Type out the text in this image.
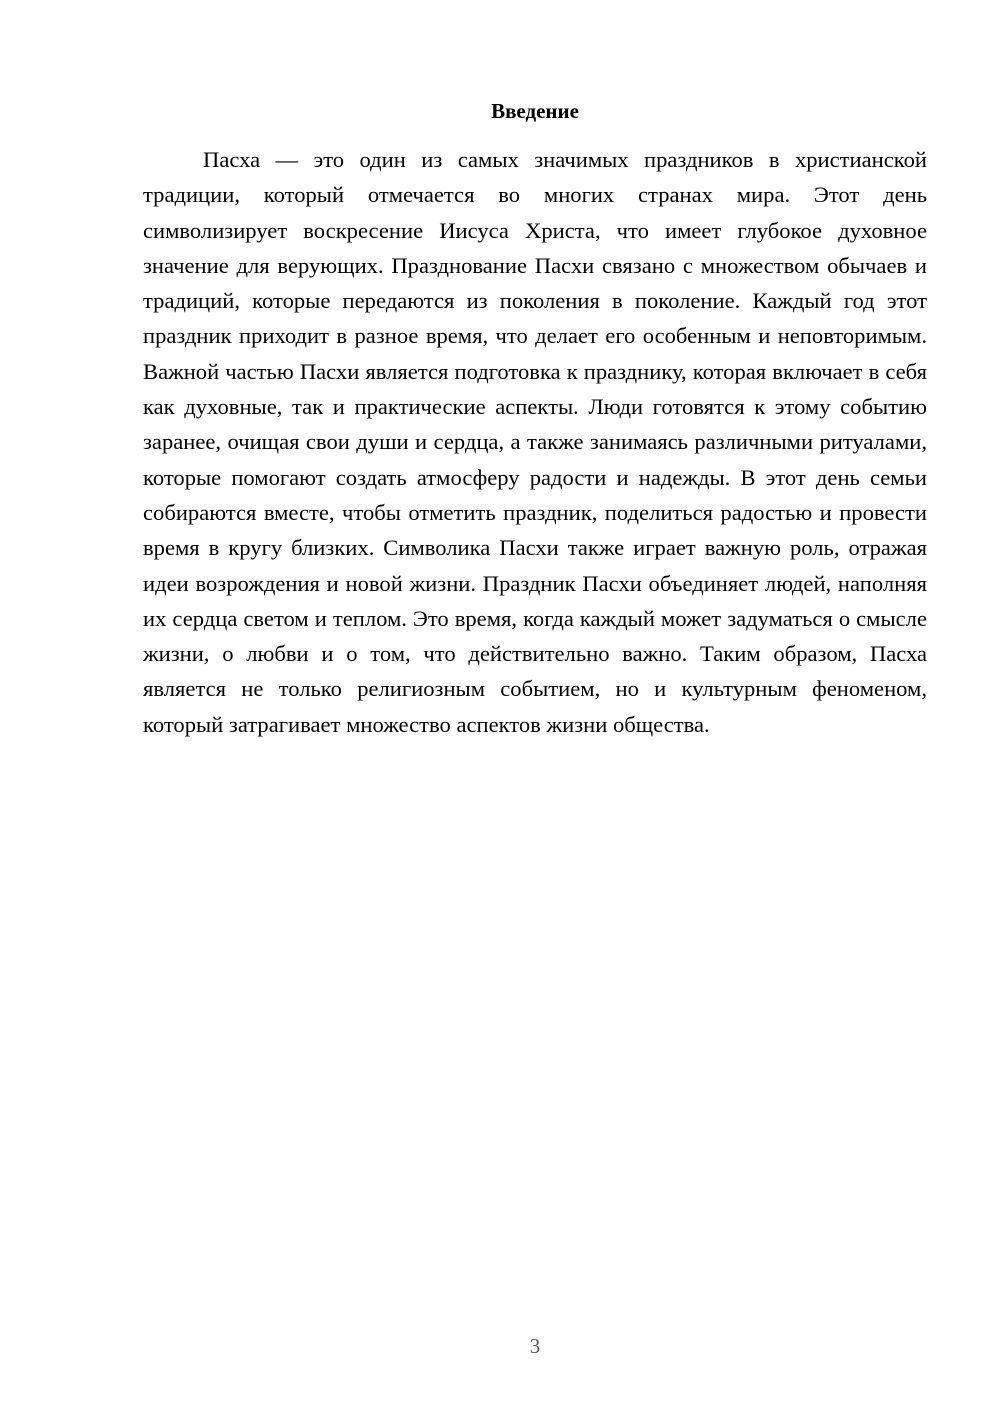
Введение

Пасха — это один из самых значимых праздников в христианской традиции, который отмечается во многих странах мира. Этот день символизирует воскресение Иисуса Христа, что имеет глубокое духовное значение для верующих. Празднование Пасхи связано с множеством обычаев и традиций, которые передаются из поколения в поколение. Каждый год этот праздник приходит в разное время, что делает его особенным и неповторимым. Важной частью Пасхи является подготовка к празднику, которая включает в себя как духовные, так и практические аспекты. Люди готовятся к этому событию заранее, очищая свои души и сердца, а также занимаясь различными ритуалами, которые помогают создать атмосферу радости и надежды. В этот день семьи собираются вместе, чтобы отметить праздник, поделиться радостью и провести время в кругу близких. Символика Пасхи также играет важную роль, отражая идеи возрождения и новой жизни. Праздник Пасхи объединяет людей, наполняя их сердца светом и теплом. Это время, когда каждый может задуматься о смысле жизни, о любви и о том, что действительно важно. Таким образом, Пасха является не только религиозным событием, но и культурным феноменом, который затрагивает множество аспектов жизни общества.

3
